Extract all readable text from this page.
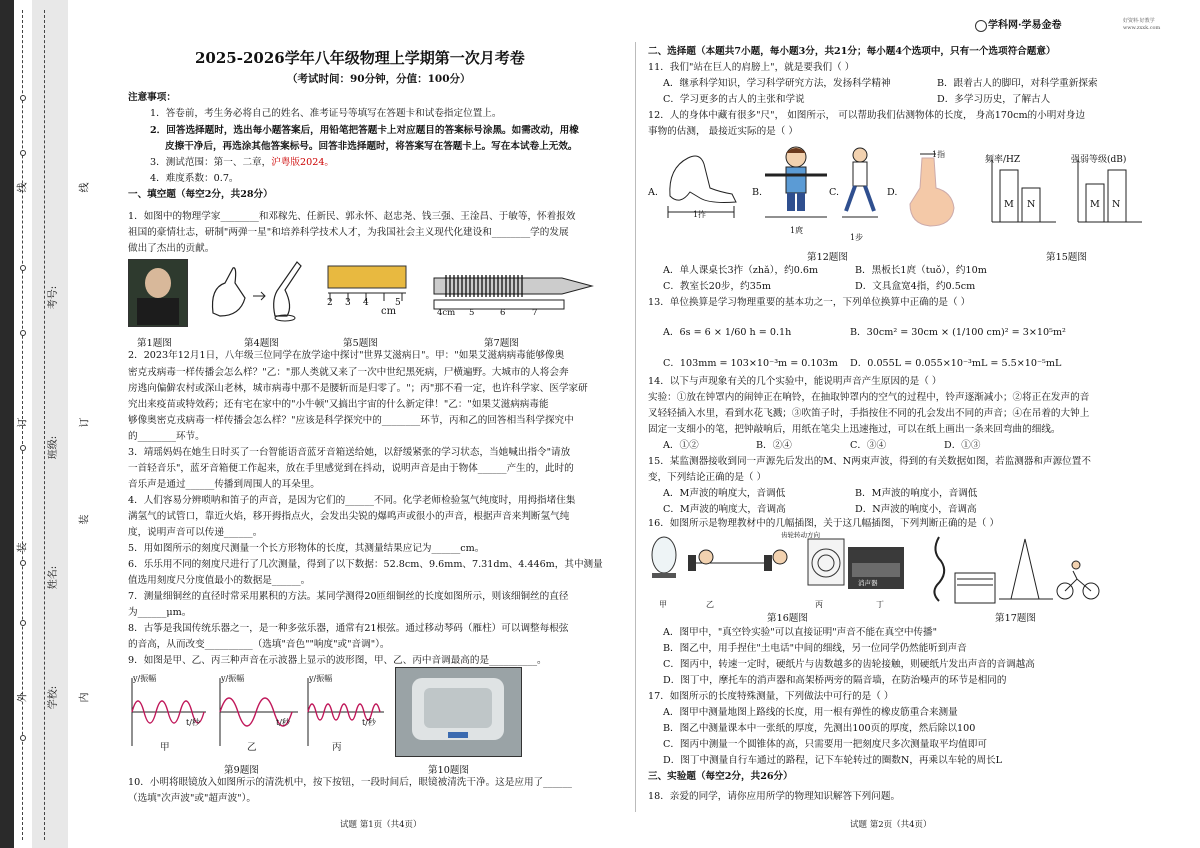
线
订
装
外
线
订
装
内
学校:
姓名:
班级:
考号:
学科网·学易金卷	好资料·好教学
www.zxxk.com
2025-2026学年八年级物理上学期第一次月考卷
（考试时间：90分钟，分值：100分）
注意事项：
1．答卷前，考生务必将自己的姓名、准考证号等填写在答题卡和试卷指定位置上。
2．回答选择题时，选出每小题答案后，用铅笔把答题卡上对应题目的答案标号涂黑。如需改动，用橡
皮擦干净后，再选涂其他答案标号。回答非选择题时，将答案写在答题卡上。写在本试卷上无效。
3．测试范围：第一、二章，沪粤版2024。
4．难度系数：0.7。
一、填空题（每空2分，共28分）
1．如图中的物理学家________和邓稼先、任新民、郭永怀、赵忠尧、钱三强、王淦昌、于敏等，怀着报效
祖国的豪情壮志，研制"两弹一星"和培养科学技术人才，为我国社会主义现代化建设和________学的发展
做出了杰出的贡献。
2 3 4	5
cm	4cm 5	6	7
第1题图	第4题图	第5题图	第7题图
2．2023年12月1日，八年级三位同学在放学途中探讨"世界艾滋病日"。甲："如果艾滋病病毒能够像奥
密克戎病毒一样传播会怎么样？"乙："那人类就又来了一次中世纪黑死病，尸横遍野。大城市的人将会奔
房逃向偏僻农村或深山老林，城市病毒中那不是腰斩而是归零了。"；丙"那不看一定，也许科学家、医学家研
究出来疫苗或特效药；还有宅在家中的"小牛顿"又搞出宇宙的什么新定律！"乙："如果艾滋病病毒能
够像奥密克戎病毒一样传播会怎么样？"应该是科学探究中的________环节，丙和乙的回答相当科学探究中
的________环节。
3．靖瑶妈妈在她生日时买了一台智能语音蓝牙音箱送给她，以舒缓紧张的学习状态，当她喊出指令"请放
一首轻音乐"，蓝牙音箱便工作起来，放在手里感觉到在抖动，说明声音是由于物体______产生的，此时的
音乐声是通过______传播到周围人的耳朵里。
4．人们容易分辨唢呐和笛子的声音，是因为它们的______不同。化学老师检验氢气纯度时，用拇指堵住集
满氢气的试管口，靠近火焰，移开拇指点火，会发出尖锐的爆鸣声或很小的声音，根据声音来判断氢气纯
度，说明声音可以传递______。
5．用如图所示的刻度尺测量一个长方形物体的长度，其测量结果应记为______cm。
6．乐乐用不同的刻度尺进行了几次测量，得到了以下数据：52.8cm、9.6mm、7.31dm、4.446m，其中测量
值选用刻度尺分度值最小的数据是______。
7．测量细铜丝的直径时常采用累积的方法。某同学测得20匝细铜丝的长度如图所示，则该细铜丝的直径
为______μm。
8．古筝是我国传统乐器之一，是一种多弦乐器，通常有21根弦。通过移动琴码（雁柱）可以调整每根弦
的音高，从而改变__________（选填"音色""响度"或"音调"）。
9．如图是甲、乙、丙三种声音在示波器上显示的波形图，甲、乙、丙中音调最高的是__________。
y/振幅	y/振幅	y/振幅
t/秒	t/秒	t/秒
甲	乙	丙
第9题图	第10题图
10．小明将眼镜放入如图所示的清洗机中，按下按钮，一段时间后，眼镜被清洗干净。这是应用了______
（选填"次声波"或"超声波"）。
试题 第1页（共4页）
二、选择题（本题共7小题，每小题3分，共21分；每小题4个选项中，只有一个选项符合题意）
11．我们"站在巨人的肩膀上"，就是要我们（ ）
A．继承科学知识，学习科学研究方法，发扬科学精神	B．跟着古人的脚印，对科学重新探索
C．学习更多的古人的主张和学说	D．多学习历史，了解古人
12．人的身体中藏有很多"尺"， 如图所示， 可以帮助我们估测物体的长度， 身高170cm的小明对身边
事物的估测， 最接近实际的是（ ）
A.
1拃
B.
1庹
C.
1步
D.
1指
频率/HZ	强弱等级(dB)
M N	M N
第12题图	第15题图
A．单人课桌长3拃（zhǎ），约0.6m	B．黑板长1庹（tuǒ），约10m
C．教室长20步，约35m	D．文具盒宽4指，约0.5cm
13．单位换算是学习物理重要的基本功之一，下列单位换算中正确的是（ ）
A．6s = 6 × 1/60 h = 0.1h	B．30cm² = 30cm × (1/100 cm)² = 3×10⁵m²
C．103mm = 103×10⁻³m = 0.103m D．0.055L = 0.055×10⁻³mL = 5.5×10⁻⁵mL
14．以下与声现象有关的几个实验中，能说明声音产生原因的是（ ）
实验：①放在钟罩内的闹钟正在响铃，在抽取钟罩内的空气的过程中，铃声逐渐减小；②将正在发声的音
叉轻轻插入水里，看到水花飞溅；③吹笛子时，手指按住不同的孔会发出不同的声音；④在吊着的大钟上
固定一支细小的笔，把钟敲响后，用纸在笔尖上迅速拖过，可以在纸上画出一条来回弯曲的细线。
A．①②	B．②④	C．③④	D．①③
15．某监测器接收到同一声源先后发出的M、N两束声波，得到的有关数据如图，若监测器和声源位置不
变，下列结论正确的是（ ）
A．M声波的响度大，音调低	B．M声波的响度小，音调低
C．M声波的响度大，音调高	D．N声波的响度小，音调高
16．如图所示是物理教材中的几幅插图，关于这几幅插图，下列判断正确的是（ ）
齿轮转动方向
消声器
甲	乙	丙	丁
第16题图	第17题图
A．图甲中，"真空铃实验"可以直接证明"声音不能在真空中传播"
B．图乙中，用手捏住"土电话"中间的细线，另一位同学仍然能听到声音
C．图丙中，转速一定时，硬纸片与齿数越多的齿轮接触，则硬纸片发出声音的音调越高
D．图丁中，摩托车的消声器和高架桥两旁的隔音墙，在防治噪声的环节是相同的
17．如图所示的长度特殊测量，下列做法中可行的是（ ）
A．图甲中测量地图上路线的长度，用一根有弹性的橡皮筋重合来测量
B．图乙中测量课本中一张纸的厚度，先测出100页的厚度，然后除以100
C．图丙中测量一个圆锥体的高，只需要用一把刻度尺多次测量取平均值即可
D．图丁中测量自行车通过的路程，记下车轮转过的圈数N，再乘以车轮的周长L
三、实验题（每空2分，共26分）
18．亲爱的同学，请你应用所学的物理知识解答下列问题。
试题 第2页（共4页）
